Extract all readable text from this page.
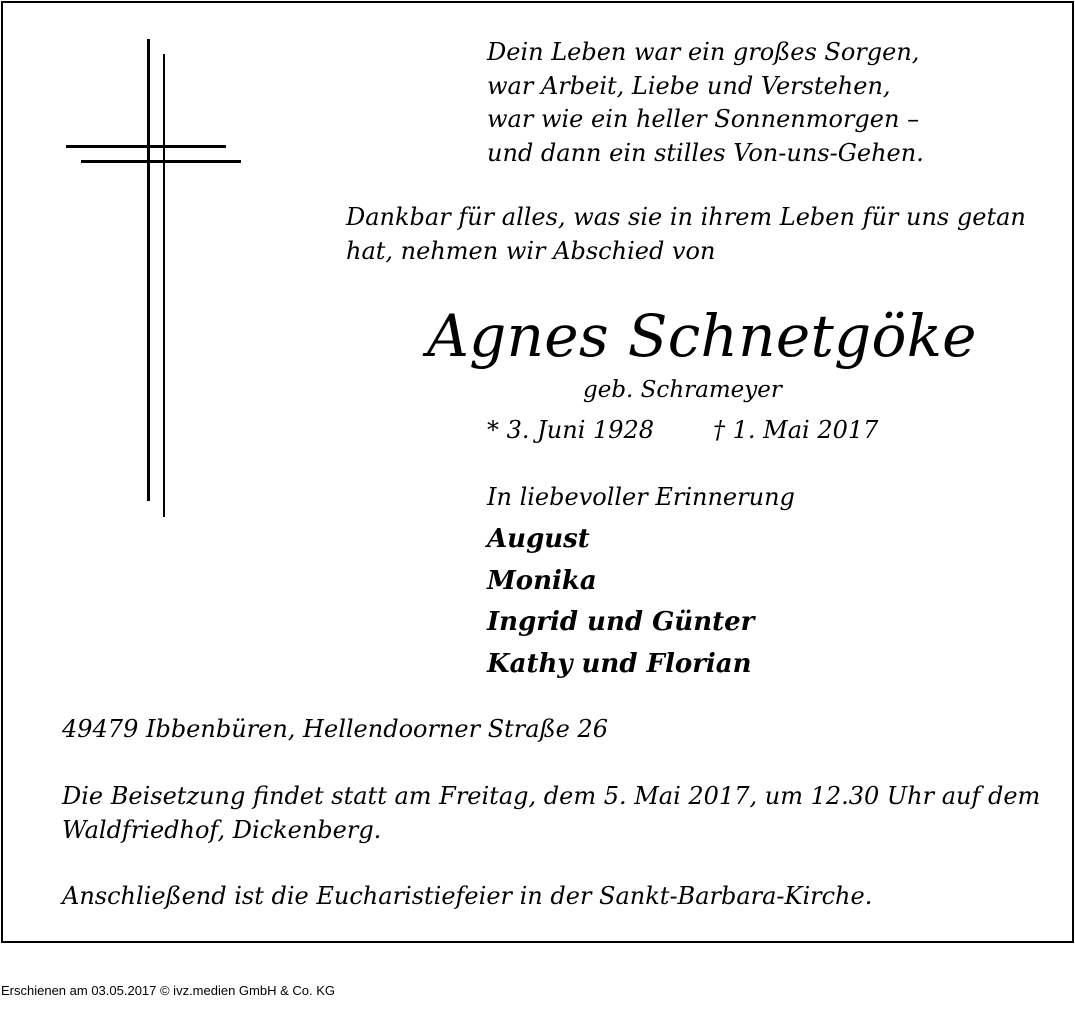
Dein Leben war ein großes Sorgen,
war Arbeit, Liebe und Verstehen,
war wie ein heller Sonnenmorgen –
und dann ein stilles Von-uns-Gehen.
Dankbar für alles, was sie in ihrem Leben für uns getan
hat, nehmen wir Abschied von
Agnes Schnetgöke
geb. Schrameyer
* 3. Juni 1928 † 1. Mai 2017
In liebevoller Erinnerung
August
Monika
Ingrid und Günter
Kathy und Florian
49479 Ibbenbüren, Hellendoorner Straße 26
Die Beisetzung findet statt am Freitag, dem 5. Mai 2017, um 12.30 Uhr auf dem
Waldfriedhof, Dickenberg.
Anschließend ist die Eucharistiefeier in der Sankt-Barbara-Kirche.
Erschienen am 03.05.2017 © ivz.medien GmbH & Co. KG
